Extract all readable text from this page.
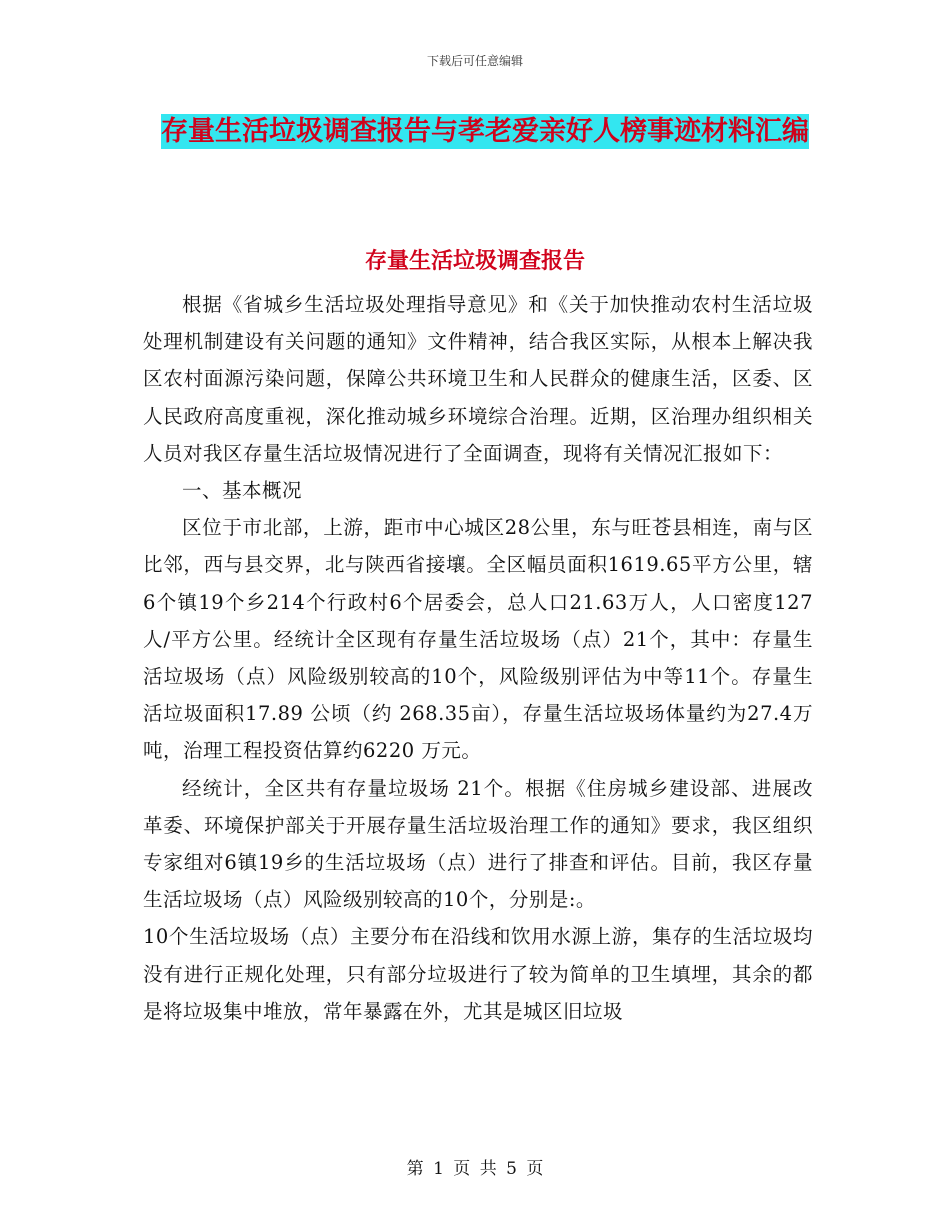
下载后可任意编辑
存量生活垃圾调查报告与孝老爱亲好人榜事迹材料汇编
存量生活垃圾调查报告

根据《省城乡生活垃圾处理指导意见》和《关于加快推动农村生活垃圾处理机制建设有关问题的通知》文件精神，结合我区实际，从根本上解决我区农村面源污染问题，保障公共环境卫生和人民群众的健康生活，区委、区人民政府高度重视，深化推动城乡环境综合治理。近期，区治理办组织相关人员对我区存量生活垃圾情况进行了全面调查，现将有关情况汇报如下：

一、基本概况

区位于市北部，上游，距市中心城区28公里，东与旺苍县相连，南与区比邻，西与县交界，北与陕西省接壤。全区幅员面积1619.65平方公里，辖6个镇19个乡214个行政村6个居委会，总人口21.63万人，人口密度127人/平方公里。经统计全区现有存量生活垃圾场（点）21个，其中：存量生活垃圾场（点）风险级别较高的10个，风险级别评估为中等11个。存量生活垃圾面积17.89 公顷（约 268.35亩），存量生活垃圾场体量约为27.4万吨，治理工程投资估算约6220 万元。

经统计，全区共有存量垃圾场 21个。根据《住房城乡建设部、进展改革委、环境保护部关于开展存量生活垃圾治理工作的通知》要求，我区组织专家组对6镇19乡的生活垃圾场（点）进行了排查和评估。目前，我区存量生活垃圾场（点）风险级别较高的10个，分别是:。

10个生活垃圾场（点）主要分布在沿线和饮用水源上游，集存的生活垃圾均没有进行正规化处理，只有部分垃圾进行了较为简单的卫生填埋，其余的都是将垃圾集中堆放，常年暴露在外，尤其是城区旧垃圾

第 1 页 共 5 页
